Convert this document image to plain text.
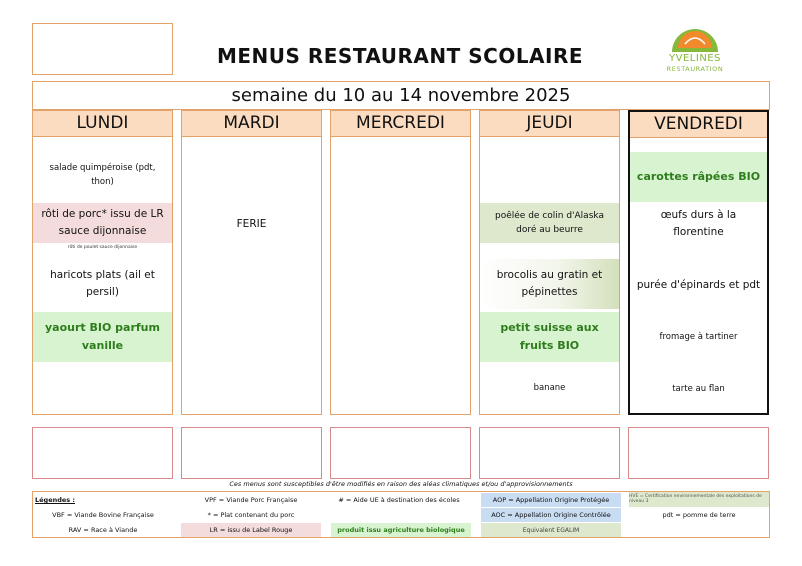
MENUS RESTAURANT SCOLAIRE	YVELINES
RESTAURATION
semaine du 10 au 14 novembre 2025
LUNDI
salade quimpéroise (pdt, thon)
rôti de porc* issu de LR sauce dijonnaise
rôti de poulet sauce dijonnaise
haricots plats (ail et persil)
yaourt BIO parfum vanille
MARDI
FERIE
MERCREDI	JEUDI
poêlée de colin d'Alaska doré au beurre
brocolis au gratin et pépinettes
petit suisse aux fruits BIO
banane
VENDREDI
carottes râpées BIO
œufs durs à la florentine
purée d'épinards et pdt
fromage à tartiner
tarte au flan
Ces menus sont susceptibles d'être modifiés en raison des aléas climatiques et/ou d'approvisionnements
Légendes :	VPF = Viande Porc Française	# = Aide UE à destination des écoles	AOP = Appellation Origine Protégée	HVE = Certification environnementale des exploitations de niveau 3
VBF = Viande Bovine Française	* = Plat contenant du porc	AOC = Appellation Origine Contrôlée	pdt = pomme de terre
RAV = Race à Viande	LR = issu de Label Rouge	produit issu agriculture biologique	Equivalent EGALIM
